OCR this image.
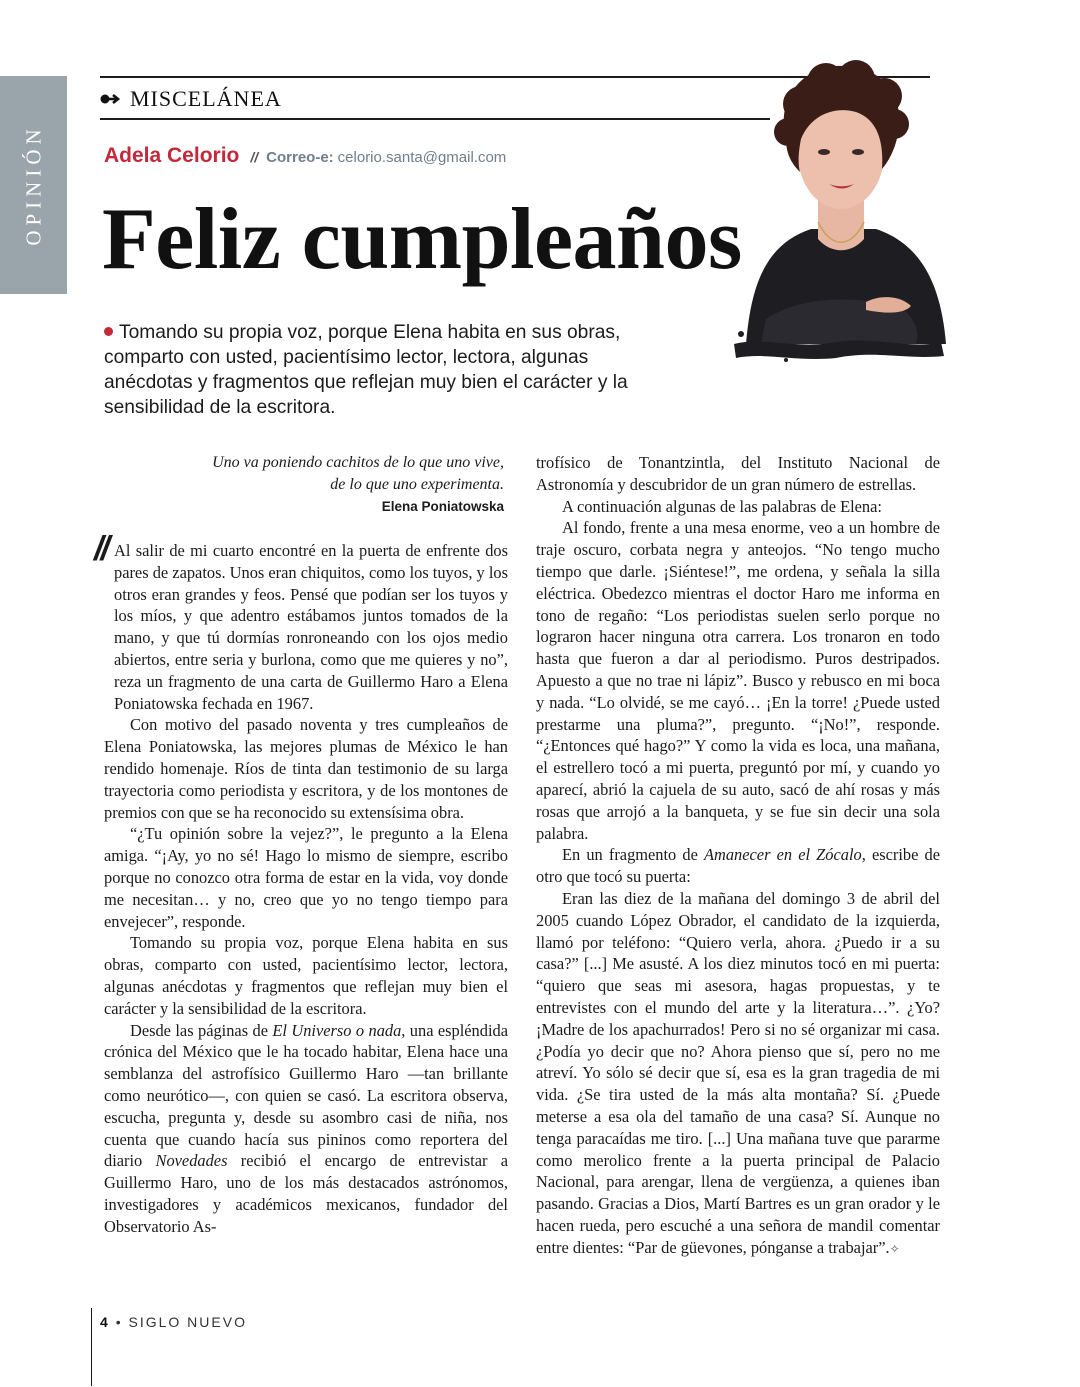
OPINIÓN
MISCELÁNEA
Adela Celorio // Correo-e: celorio.santa@gmail.com
Feliz cumpleaños

Tomando su propia voz, porque Elena habita en sus obras, comparto con usted, pacientísimo lector, lectora, algunas anécdotas y fragmentos que reflejan muy bien el carácter y la sensibilidad de la escritora.

Uno va poniendo cachitos de lo que uno vive,
de lo que uno experimenta.
Elena Poniatowska
// Al salir de mi cuarto encontré en la puerta de enfrente dos pares de zapatos. Unos eran chiquitos, como los tuyos, y los otros eran grandes y feos. Pensé que podían ser los tuyos y los míos, y que adentro estábamos juntos tomados de la mano, y que tú dormías ronroneando con los ojos medio abiertos, entre seria y burlona, como que me quieres y no”, reza un fragmento de una carta de Guillermo Haro a Elena Poniatowska fechada en 1967.

Con motivo del pasado noventa y tres cumpleaños de Elena Poniatowska, las mejores plumas de México le han rendido homenaje. Ríos de tinta dan testimonio de su larga trayectoria como periodista y escritora, y de los montones de premios con que se ha reconocido su extensísima obra.

“¿Tu opinión sobre la vejez?”, le pregunto a la Elena amiga. “¡Ay, yo no sé! Hago lo mismo de siempre, escribo porque no conozco otra forma de estar en la vida, voy donde me necesitan… y no, creo que yo no tengo tiempo para envejecer”, responde.

Tomando su propia voz, porque Elena habita en sus obras, comparto con usted, pacientísimo lector, lectora, algunas anécdotas y fragmentos que reflejan muy bien el carácter y la sensibilidad de la escritora.

Desde las páginas de El Universo o nada, una espléndida crónica del México que le ha tocado habitar, Elena hace una semblanza del astrofísico Guillermo Haro —tan brillante como neurótico—, con quien se casó. La escritora observa, escucha, pregunta y, desde su asombro casi de niña, nos cuenta que cuando hacía sus pininos como reportera del diario Novedades recibió el encargo de entrevistar a Guillermo Haro, uno de los más destacados astrónomos, investigadores y académicos mexicanos, fundador del Observatorio As-

trofísico de Tonantzintla, del Instituto Nacional de Astronomía y descubridor de un gran número de estrellas.

A continuación algunas de las palabras de Elena:

Al fondo, frente a una mesa enorme, veo a un hombre de traje oscuro, corbata negra y anteojos. “No tengo mucho tiempo que darle. ¡Siéntese!”, me ordena, y señala la silla eléctrica. Obedezco mientras el doctor Haro me informa en tono de regaño: “Los periodistas suelen serlo porque no lograron hacer ninguna otra carrera. Los tronaron en todo hasta que fueron a dar al periodismo. Puros destripados. Apuesto a que no trae ni lápiz”. Busco y rebusco en mi boca y nada. “Lo olvidé, se me cayó… ¡En la torre! ¿Puede usted prestarme una pluma?”, pregunto. “¡No!”, responde. “¿Entonces qué hago?” Y como la vida es loca, una mañana, el estrellero tocó a mi puerta, preguntó por mí, y cuando yo aparecí, abrió la cajuela de su auto, sacó de ahí rosas y más rosas que arrojó a la banqueta, y se fue sin decir una sola palabra.

En un fragmento de Amanecer en el Zócalo, escribe de otro que tocó su puerta:

Eran las diez de la mañana del domingo 3 de abril del 2005 cuando López Obrador, el candidato de la izquierda, llamó por teléfono: “Quiero verla, ahora. ¿Puedo ir a su casa?” [...] Me asusté. A los diez minutos tocó en mi puerta: “quiero que seas mi asesora, hagas propuestas, y te entrevistes con el mundo del arte y la literatura…”. ¿Yo? ¡Madre de los apachurrados! Pero si no sé organizar mi casa. ¿Podía yo decir que no? Ahora pienso que sí, pero no me atreví. Yo sólo sé decir que sí, esa es la gran tragedia de mi vida. ¿Se tira usted de la más alta montaña? Sí. ¿Puede meterse a esa ola del tamaño de una casa? Sí. Aunque no tenga paracaídas me tiro. [...] Una mañana tuve que pararme como merolico frente a la puerta principal de Palacio Nacional, para arengar, llena de vergüenza, a quienes iban pasando. Gracias a Dios, Martí Bartres es un gran orador y le hacen rueda, pero escuché a una señora de mandil comentar entre dientes: “Par de güevones, pónganse a trabajar”.✧

4 • SIGLO NUEVO
